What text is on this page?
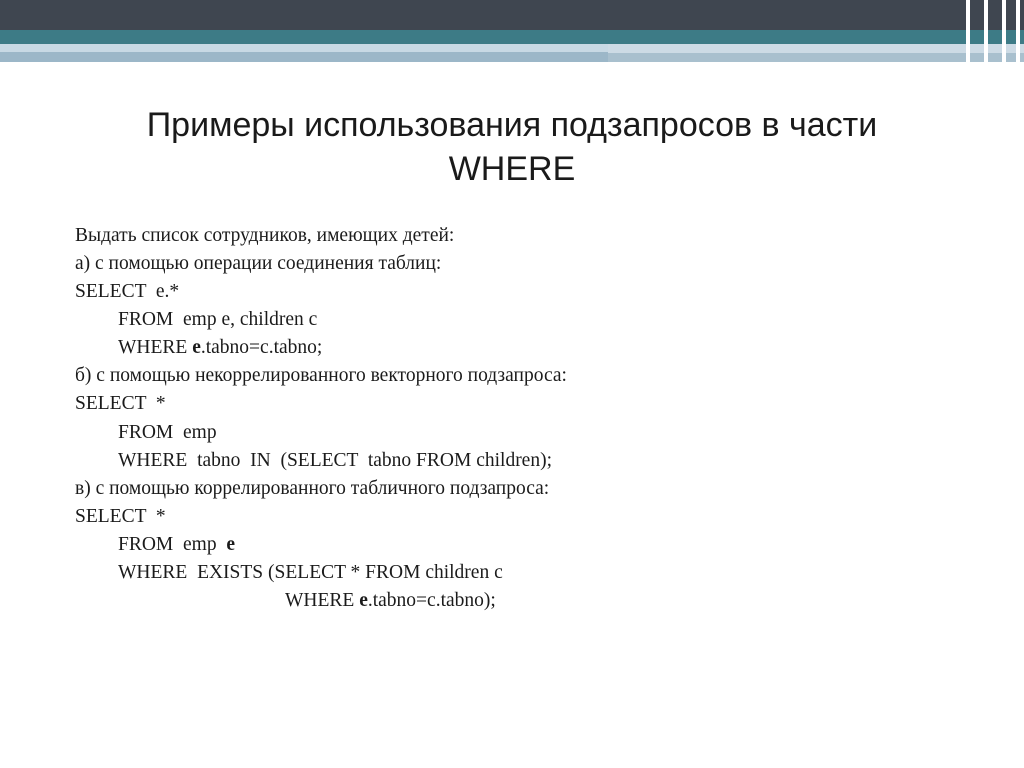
Примеры использования подзапросов в части WHERE
Выдать список сотрудников, имеющих детей:
а) с помощью операции соединения таблиц:
SELECT  e.*
FROM  emp e, children c
WHERE e.tabno=c.tabno;
б) с помощью некоррелированного векторного подзапроса:
SELECT  *
FROM  emp
WHERE  tabno  IN  (SELECT  tabno FROM children);
в) с помощью коррелированного табличного подзапроса:
SELECT  *
FROM  emp  e
WHERE  EXISTS (SELECT * FROM children c
WHERE e.tabno=c.tabno);
